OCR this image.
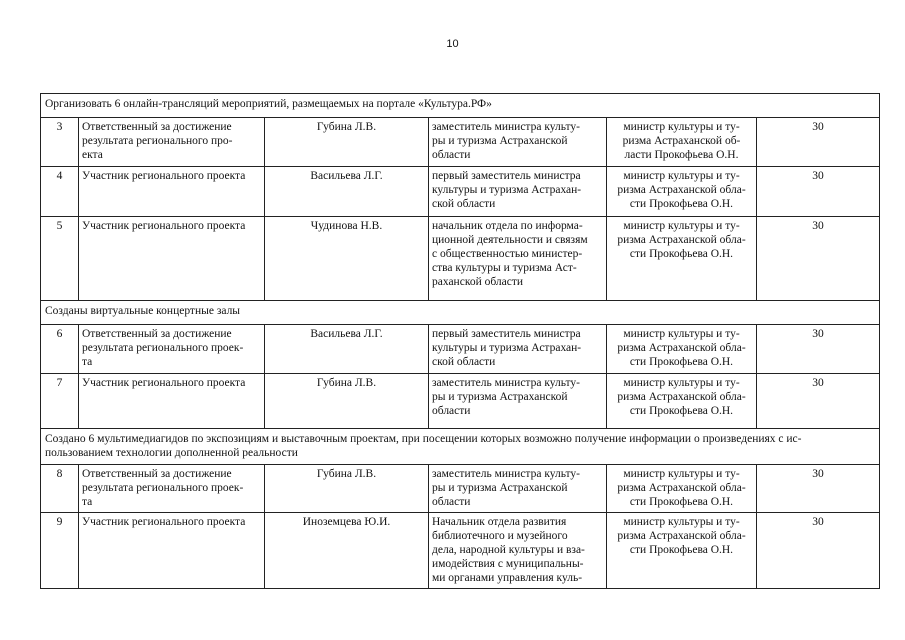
10
Организовать 6 онлайн-трансляций мероприятий, размещаемых на портале «Культура.РФ»					
3	Ответственный за достижение
результата регионального про-
екта	Губина Л.В.	заместитель министра культу-
ры и туризма Астраханской
области	министр культуры и ту-
ризма Астраханской об-
ласти Прокофьева О.Н.	30
4	Участник регионального проекта	Васильева Л.Г.	первый заместитель министра
культуры и туризма Астрахан-
ской области	министр культуры и ту-
ризма Астраханской обла-
сти Прокофьева О.Н.	30
5	Участник регионального проекта	Чудинова Н.В.	начальник отдела по информа-
ционной деятельности и связям
с общественностью министер-
ства культуры и туризма Аст-
раханской области	министр культуры и ту-
ризма Астраханской обла-
сти Прокофьева О.Н.	30
Созданы виртуальные концертные залы					
6	Ответственный за достижение
результата регионального проек-
та	Васильева Л.Г.	первый заместитель министра
культуры и туризма Астрахан-
ской области	министр культуры и ту-
ризма Астраханской обла-
сти Прокофьева О.Н.	30
7	Участник регионального проекта	Губина Л.В.	заместитель министра культу-
ры и туризма Астраханской
области	министр культуры и ту-
ризма Астраханской обла-
сти Прокофьева О.Н.	30
Создано 6 мультимедиагидов по экспозициям и выставочным проектам, при посещении которых возможно получение информации о произведениях с ис-
пользованием технологии дополненной реальности					
8	Ответственный за достижение
результата регионального проек-
та	Губина Л.В.	заместитель министра культу-
ры и туризма Астраханской
области	министр культуры и ту-
ризма Астраханской обла-
сти Прокофьева О.Н.	30
9	Участник регионального проекта	Иноземцева Ю.И.	Начальник отдела развития
библиотечного и музейного
дела, народной культуры и вза-
имодействия с муниципальны-
ми органами управления куль-	министр культуры и ту-
ризма Астраханской обла-
сти Прокофьева О.Н.	30
